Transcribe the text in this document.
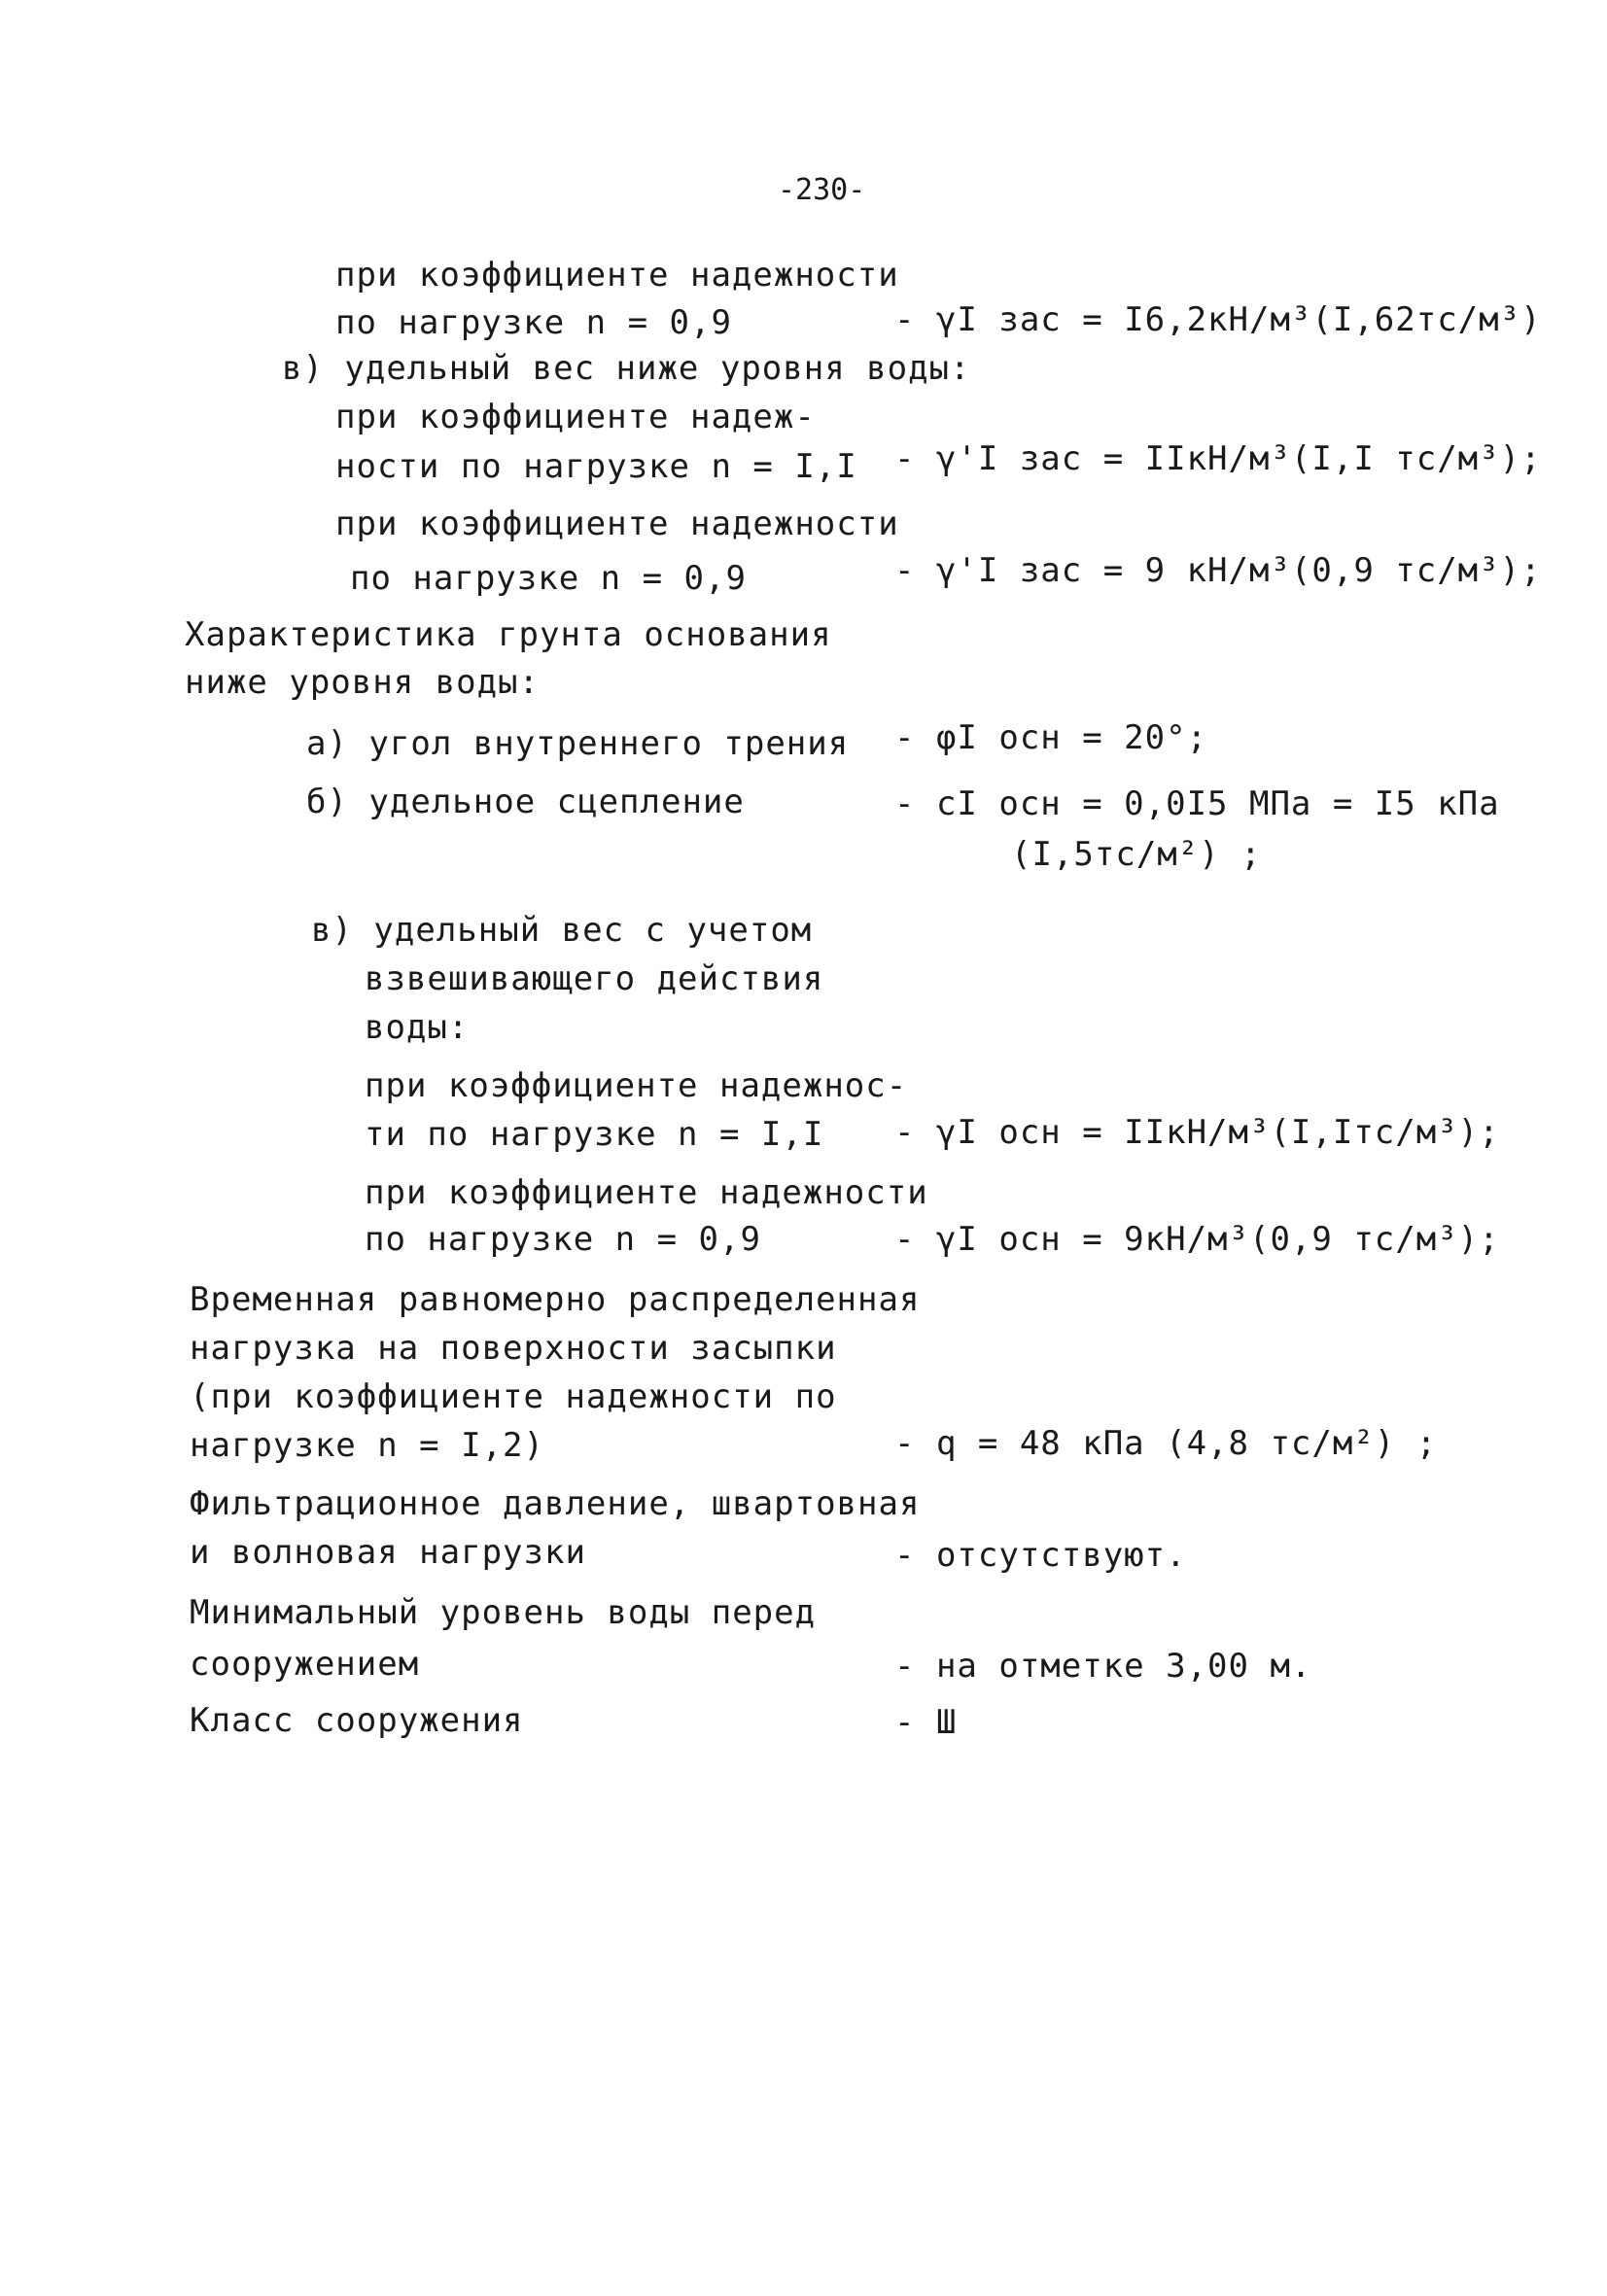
-230-
при коэффициенте надежности
по нагрузке n = 0,9	- γI зас = I6,2кН/м³(I,62тс/м³)
в) удельный вес ниже уровня воды:
при коэффициенте надеж-
ности по нагрузке n = I,I - γ'I зас = IIкН/м³(I,I тс/м³);
при коэффициенте надежности
по нагрузке n = 0,9	- γ'I зас = 9 кН/м³(0,9 тс/м³);
Характеристика грунта основания
ниже уровня воды:
а) угол внутреннего трения - φI осн = 20°;
б) удельное сцепление	- cI осн = 0,0I5 МПа = I5 кПа
(I,5тс/м²) ;
в) удельный вес с учетом
взвешивающего действия
воды:
при коэффициенте надежнос-
ти по нагрузке n = I,I - γI осн = IIкН/м³(I,Iтс/м³);
при коэффициенте надежности
по нагрузке n = 0,9	- γI осн = 9кН/м³(0,9 тс/м³);
Временная равномерно распределенная
нагрузка на поверхности засыпки
(при коэффициенте надежности по
нагрузке n = I,2)	- q = 48 кПа (4,8 тс/м²) ;
Фильтрационное давление, швартовная
и волновая нагрузки	- отсутствуют.
Минимальный уровень воды перед
сооружением	- на отметке 3,00 м.
Класс сооружения	- Ш
